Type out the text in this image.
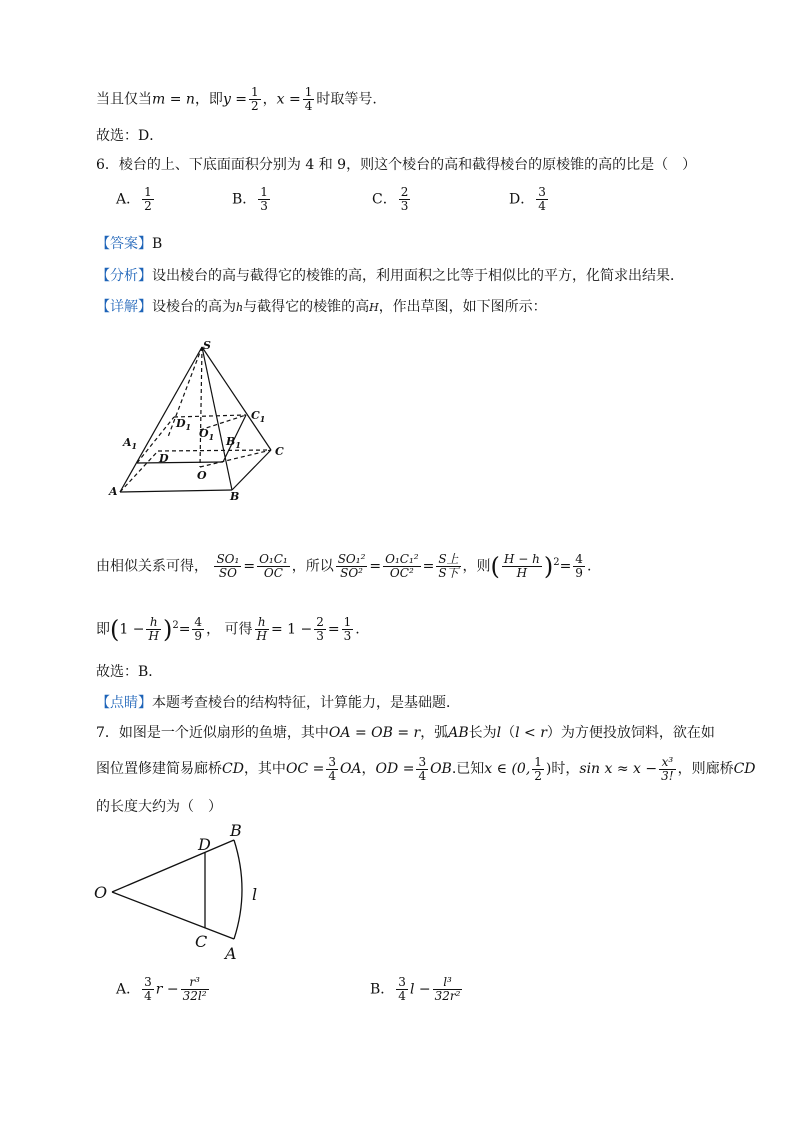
当且仅当m = n，即$y = \frac{1}{2}$ ，$x = \frac{1}{4}$ 时取等号.
故选：D．
6．棱台的上、下底面面积分别为 4 和 9，则这个棱台的高和截得棱台的原棱锥的高的比是（　）
A． $\frac{1}{2}$	B． $\frac{1}{3}$	C． $\frac{2}{3}$	D． $\frac{3}{4}$
【答案】B
【分析】设出棱台的高与截得它的棱锥的高，利用面积之比等于相似比的平方，化简求出结果．
【详解】设棱台的高为h与截得它的棱锥的高H，作出草图，如下图所示：
S
$D_1$ $O_1$
$C_1$
$A_1$	$B_1$	C
D
O
A	B
由相似关系可得， $\frac{\text{SO₁}}{SO} = \frac{\text{O₁C₁}}{OC}$ ，所以 $\frac{\text{SO₁²}}{\text{SO²}} = \frac{\text{O₁C₁²}}{\text{OC²}} = \frac{\text{S上}}{\text{S下}}$ ，则( $\frac{H - h}{H} )^2= \frac{4}{9}$ .
即$(1 - \frac{h}{H} )^2= \frac{4}{9}$ ， 可得 $\frac{h}{H} = 1 - \frac{2}{3} = \frac{1}{3}$ .
故选：B．
【点睛】本题考查棱台的结构特征，计算能力，是基础题．
7．如图是一个近似扇形的鱼塘，其中OA = OB = r，弧AB长为l（l < r）为方便投放饲料，欲在如
图位置修建简易廊桥CD，其中OC = $\frac{3}{4}$ OA，OD = $\frac{3}{4}$ OB.已知x ∈ (0, $\frac{1}{2}$ )时，$\sin x \approx x - \frac{\text{x³}}{3!}$ ，则廊桥CD
的长度大约为（　）
O
D
B
C
A
l
A． $\frac{3}{4}$ $r - \frac{\text{r³}}{\text{32l²}}$	B． $\frac{3}{4}$ $l - \frac{\text{l³}}{\text{32r²}}$
